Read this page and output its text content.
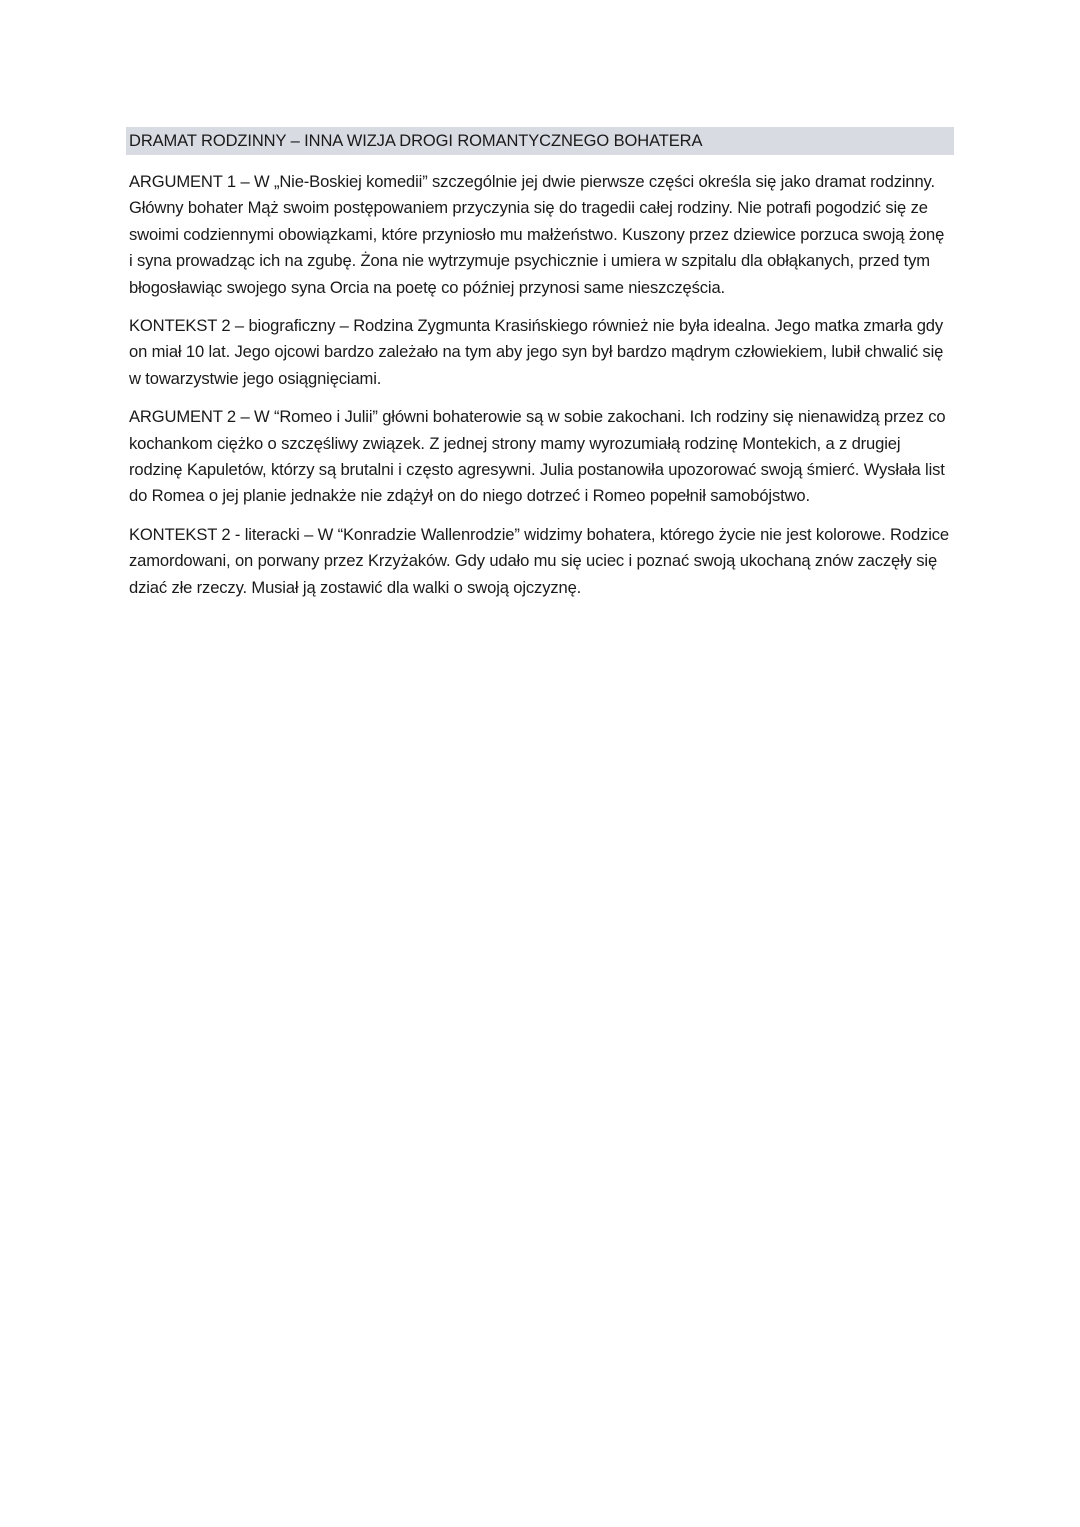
DRAMAT RODZINNY – INNA WIZJA DROGI ROMANTYCZNEGO BOHATERA

ARGUMENT 1 – W „Nie-Boskiej komedii” szczególnie jej dwie pierwsze części określa się jako dramat rodzinny. Główny bohater Mąż swoim postępowaniem przyczynia się do tragedii całej rodziny. Nie potrafi pogodzić się ze swoimi codziennymi obowiązkami, które przyniosło mu małżeństwo. Kuszony przez dziewice porzuca swoją żonę i syna prowadząc ich na zgubę. Żona nie wytrzymuje psychicznie i umiera w szpitalu dla obłąkanych, przed tym błogosławiąc swojego syna Orcia na poetę co później przynosi same nieszczęścia.

KONTEKST 2 – biograficzny – Rodzina Zygmunta Krasińskiego również nie była idealna. Jego matka zmarła gdy on miał 10 lat. Jego ojcowi bardzo zależało na tym aby jego syn był bardzo mądrym człowiekiem, lubił chwalić się w towarzystwie jego osiągnięciami.

ARGUMENT 2 – W “Romeo i Julii” główni bohaterowie są w sobie zakochani. Ich rodziny się nienawidzą przez co kochankom ciężko o szczęśliwy związek. Z jednej strony mamy wyrozumiałą rodzinę Montekich, a z drugiej rodzinę Kapuletów, którzy są brutalni i często agresywni. Julia postanowiła upozorować swoją śmierć. Wysłała list do Romea o jej planie jednakże nie zdążył on do niego dotrzeć i Romeo popełnił samobójstwo.

KONTEKST 2 - literacki – W “Konradzie Wallenrodzie” widzimy bohatera, którego życie nie jest kolorowe. Rodzice zamordowani, on porwany przez Krzyżaków. Gdy udało mu się uciec i poznać swoją ukochaną znów zaczęły się dziać złe rzeczy. Musiał ją zostawić dla walki o swoją ojczyznę.
